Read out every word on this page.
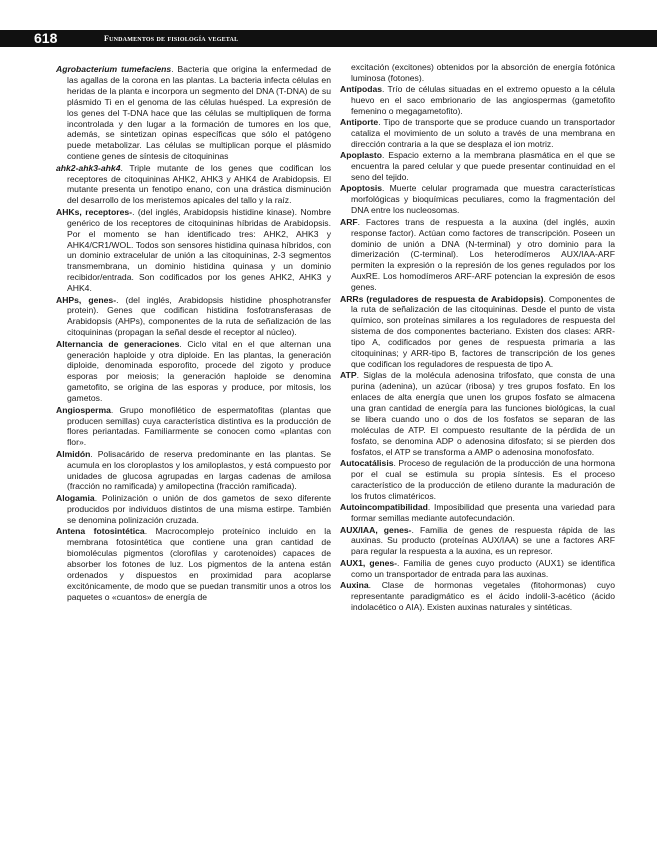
618	Fundamentos de fisiología vegetal

Agrobacterium tumefaciens. Bacteria que origina la enfermedad de las agallas de la corona en las plantas. La bacteria infecta células en heridas de la planta e incorpora un segmento del DNA (T-DNA) de su plásmido Ti en el genoma de las células huésped. La expresión de los genes del T-DNA hace que las células se multipliquen de forma incontrolada y den lugar a la formación de tumores en los que, además, se sintetizan opinas específicas que sólo el patógeno puede metabolizar. Las células se multiplican porque el plásmido contiene genes de síntesis de citoquininas

ahk2-ahk3-ahk4. Triple mutante de los genes que codifican los receptores de citoquininas AHK2, AHK3 y AHK4 de Arabidopsis. El mutante presenta un fenotipo enano, con una drástica disminución del desarrollo de los meristemos apicales del tallo y la raíz.

AHKs, receptores-. (del inglés, Arabidopsis histidine kinase). Nombre genérico de los receptores de citoquininas híbridas de Arabidopsis. Por el momento se han identificado tres: AHK2, AHK3 y AHK4/CR1/WOL. Todos son sensores histidina quinasa híbridos, con un dominio extracelular de unión a las citoquininas, 2-3 segmentos transmembrana, un dominio histidina quinasa y un dominio recibidor/entrada. Son codificados por los genes AHK2, AHK3 y AHK4.

AHPs, genes-. (del inglés, Arabidopsis histidine phosphotransfer protein). Genes que codifican histidina fosfotransferasas de Arabidopsis (AHPs), componentes de la ruta de señalización de las citoquininas (propagan la señal desde el receptor al núcleo).

Alternancia de generaciones. Ciclo vital en el que alternan una generación haploide y otra diploide. En las plantas, la generación diploide, denominada esporofito, procede del zigoto y produce esporas por meiosis; la generación haploide se denomina gametofito, se origina de las esporas y produce, por mitosis, los gametos.

Angiosperma. Grupo monofilético de espermatofitas (plantas que producen semillas) cuya característica distintiva es la producción de flores periantadas. Familiarmente se conocen como «plantas con flor».

Almidón. Polisacárido de reserva predominante en las plantas. Se acumula en los cloroplastos y los amiloplastos, y está compuesto por unidades de glucosa agrupadas en largas cadenas de amilosa (fracción no ramificada) y amilopectina (fracción ramificada).

Alogamia. Polinización o unión de dos gametos de sexo diferente producidos por individuos distintos de una misma estirpe. También se denomina polinización cruzada.

Antena fotosintética. Macrocomplejo proteínico incluido en la membrana fotosintética que contiene una gran cantidad de biomoléculas pigmentos (clorofilas y carotenoides) capaces de absorber los fotones de luz. Los pigmentos de la antena están ordenados y dispuestos en proximidad para acoplarse excitónicamente, de modo que se puedan transmitir unos a otros los paquetes o «cuantos» de energía de

excitación (excitones) obtenidos por la absorción de energía fotónica luminosa (fotones).

Antípodas. Trío de células situadas en el extremo opuesto a la célula huevo en el saco embrionario de las angiospermas (gametofito femenino o megagametofito).

Antiporte. Tipo de transporte que se produce cuando un transportador cataliza el movimiento de un soluto a través de una membrana en dirección contraria a la que se desplaza el ion motriz.

Apoplasto. Espacio externo a la membrana plasmática en el que se encuentra la pared celular y que puede presentar continuidad en el seno del tejido.

Apoptosis. Muerte celular programada que muestra características morfológicas y bioquímicas peculiares, como la fragmentación del DNA entre los nucleosomas.

ARF. Factores trans de respuesta a la auxina (del inglés, auxin response factor). Actúan como factores de transcripción. Poseen un dominio de unión a DNA (N-terminal) y otro dominio para la dimerización (C-terminal). Los heterodímeros AUX/IAA-ARF permiten la expresión o la represión de los genes regulados por los AuxRE. Los homodímeros ARF-ARF potencian la expresión de esos genes.

ARRs (reguladores de respuesta de Arabidopsis). Componentes de la ruta de señalización de las citoquininas. Desde el punto de vista químico, son proteínas similares a los reguladores de respuesta del sistema de dos componentes bacteriano. Existen dos clases: ARR-tipo A, codificados por genes de respuesta primaria a las citoquininas; y ARR-tipo B, factores de transcripción de los genes que codifican los reguladores de respuesta de tipo A.

ATP. Siglas de la molécula adenosina trifosfato, que consta de una purina (adenina), un azúcar (ribosa) y tres grupos fosfato. En los enlaces de alta energía que unen los grupos fosfato se almacena una gran cantidad de energía para las funciones biológicas, la cual se libera cuando uno o dos de los fosfatos se separan de las moléculas de ATP. El compuesto resultante de la pérdida de un fosfato, se denomina ADP o adenosina difosfato; si se pierden dos fosfatos, el ATP se transforma a AMP o adenosina monofosfato.

Autocatálisis. Proceso de regulación de la producción de una hormona por el cual se estimula su propia síntesis. Es el proceso característico de la producción de etileno durante la maduración de los frutos climatéricos.

Autoincompatibilidad. Imposibilidad que presenta una variedad para formar semillas mediante autofecundación.

AUX/IAA, genes-. Familia de genes de respuesta rápida de las auxinas. Su producto (proteínas AUX/IAA) se une a factores ARF para regular la respuesta a la auxina, es un represor.

AUX1, genes-. Familia de genes cuyo producto (AUX1) se identifica como un transportador de entrada para las auxinas.

Auxina. Clase de hormonas vegetales (fitohormonas) cuyo representante paradigmático es el ácido indolil-3-acético (ácido indolacético o AIA). Existen auxinas naturales y sintéticas.
